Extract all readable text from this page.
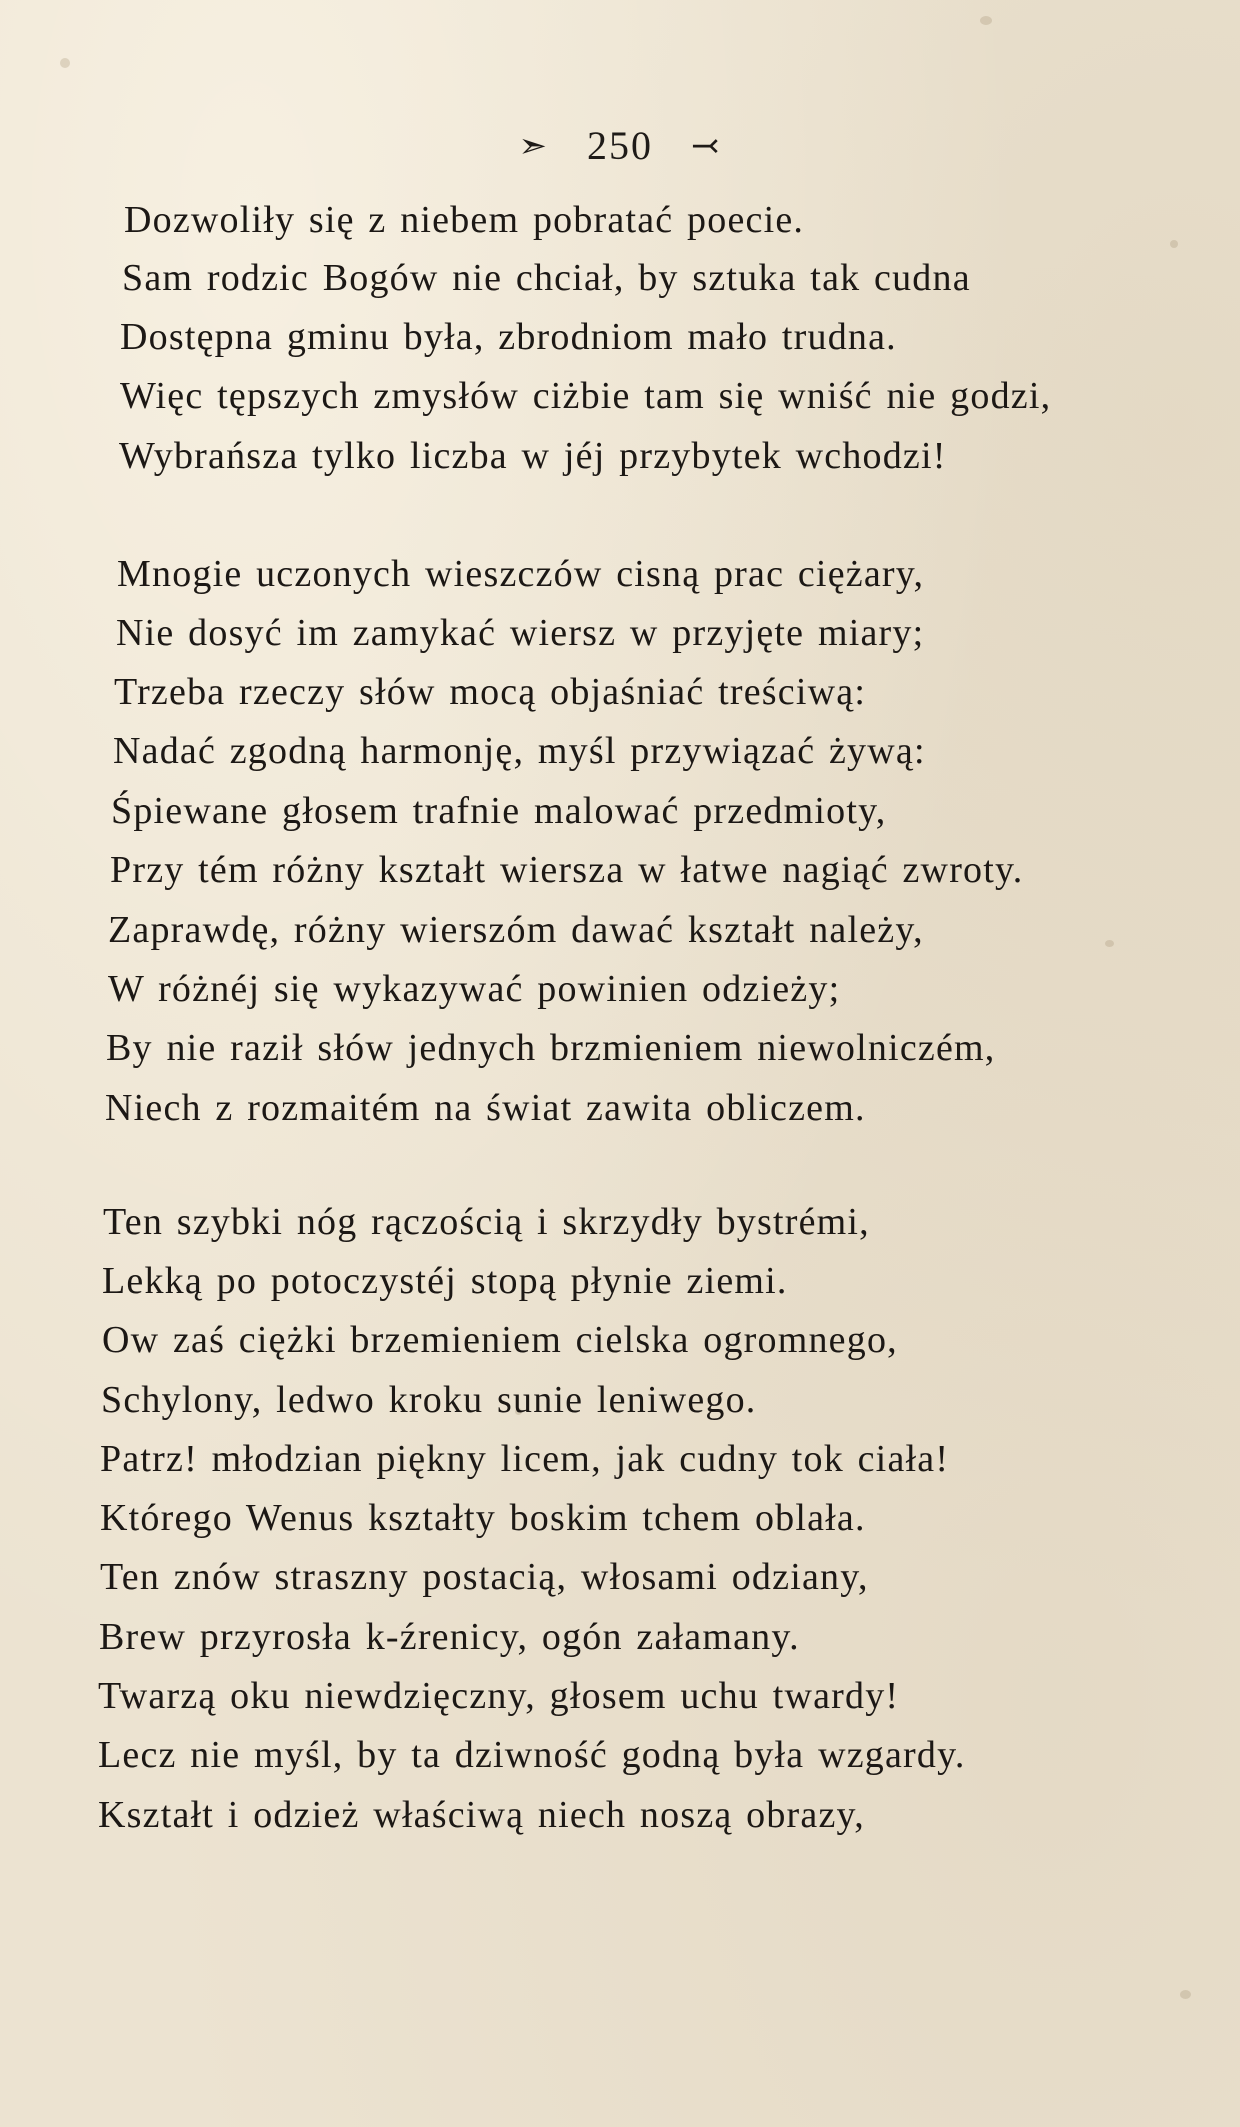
➣ 250 ⤙
Dozwoliły się z niebem pobratać poecie.
Sam rodzic Bogów nie chciał, by sztuka tak cudna
Dostępna gminu była, zbrodniom mało trudna.
Więc tępszych zmysłów ciżbie tam się wniść nie godzi,
Wybrańsza tylko liczba w jéj przybytek wchodzi!
Mnogie uczonych wieszczów cisną prac ciężary,
Nie dosyć im zamykać wiersz w przyjęte miary;
Trzeba rzeczy słów mocą objaśniać treściwą:
Nadać zgodną harmonję, myśl przywiązać żywą:
Śpiewane głosem trafnie malować przedmioty,
Przy tém różny kształt wiersza w łatwe nagiąć zwroty.
Zaprawdę, różny wierszóm dawać kształt należy,
W różnéj się wykazywać powinien odzieży;
By nie raził słów jednych brzmieniem niewolniczém,
Niech z rozmaitém na świat zawita obliczem.
Ten szybki nóg rączością i skrzydły bystrémi,
Lekką po potoczystéj stopą płynie ziemi.
Ow zaś ciężki brzemieniem cielska ogromnego,
Schylony, ledwo kroku sunie leniwego.
Patrz! młodzian piękny licem, jak cudny tok ciała!
Którego Wenus kształty boskim tchem oblała.
Ten znów straszny postacią, włosami odziany,
Brew przyrosła k-źrenicy, ogón załamany.
Twarzą oku niewdzięczny, głosem uchu twardy!
Lecz nie myśl, by ta dziwność godną była wzgardy.
Kształt i odzież właściwą niech noszą obrazy,
